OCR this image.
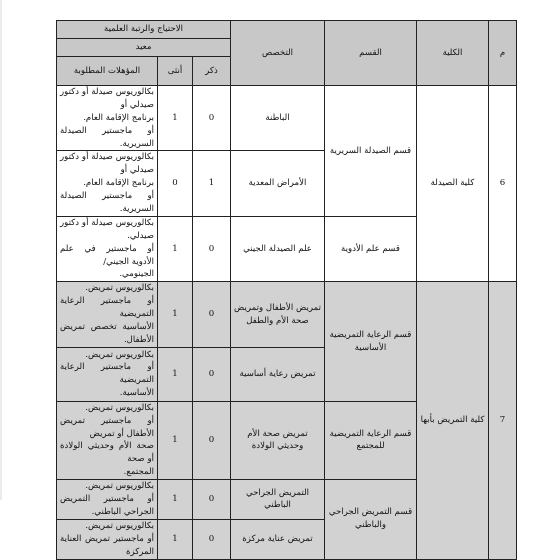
م	الكلية	القسم	التخصص	الاحتياج والرتبة العلمية		
				معيد		
				ذكر	أنثى	المؤهلات المطلوبة
6	كلية الصيدلة	قسم الصيدلة السريرية	الباطنة	0	1	بكالوريوس صيدلة أو دكتور صيدلي أو
برنامج الإقامة العام.
أو ماجستير الصيدلة السريرية.
			الأمراض المعدية	1	0	بكالوريوس صيدلة أو دكتور صيدلي أو
برنامج الإقامة العام.
أو ماجستير الصيدلة السريرية.
		قسم علم الأدوية	علم الصيدلة الجيني	0	1	بكالوريوس صيدلة أو دكتور صيدلي.
أو ماجستير في علم الأدوية الجيني/
الجينومي.
7	كلية التمريض بأبها	قسم الرعاية التمريضية الأساسية	تمريض الأطفال وتمريض صحة الأم والطفل	0	1	بكالوريوس تمريض.
أو ماجستير الرعاية التمريضية
الأساسية تخصص تمريض الأطفال.
			تمريض رعاية أساسية	0	1	بكالوريوس تمريض.
أو ماجستير الرعاية التمريضية
الأساسية.
		قسم الرعاية التمريضية للمجتمع	تمريض صحة الأم وحديثي الولادة	0	1	بكالوريوس تمريض.
أو ماجستير تمريض الأطفال أو تمريض
صحة الأم وحديثي الولادة أو صحة
المجتمع.
		قسم التمريض الجراحي والباطني	التمريض الجراحي الباطني	0	1	بكالوريوس تمريض.
أو ماجستير التمريض الجراحي الباطني.
			تمريض عناية مركزة	0	1	بكالوريوس تمريض.
أو ماجستير تمريض العناية المركزة
